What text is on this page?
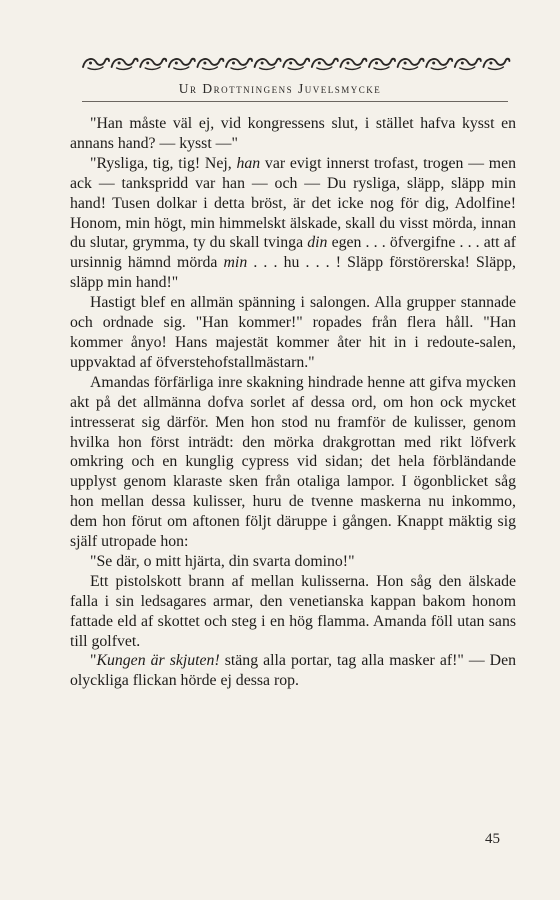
Ur Drottningens Juvelsmycke

"Han måste väl ej, vid kongressens slut, i stället hafva kysst en annans hand? — kysst —"

"Rysliga, tig, tig! Nej, han var evigt innerst trofast, trogen — men ack — tankspridd var han — och — Du rysliga, släpp, släpp min hand! Tusen dolkar i detta bröst, är det icke nog för dig, Adolfine! Honom, min högt, min himmelskt älskade, skall du visst mörda, innan du slutar, grymma, ty du skall tvinga din egen . . . öfvergifne . . . att af ursinnig hämnd mörda min . . . hu . . . ! Släpp förstörerska! Släpp, släpp min hand!"

Hastigt blef en allmän spänning i salongen. Alla grupper stannade och ordnade sig. "Han kommer!" ropades från flera håll. "Han kommer ånyo! Hans majestät kommer åter hit in i redoute-salen, uppvaktad af öfverstehofstallmästarn."

Amandas förfärliga inre skakning hindrade henne att gifva mycken akt på det allmänna dofva sorlet af dessa ord, om hon ock mycket intresserat sig därför. Men hon stod nu framför de kulisser, genom hvilka hon först inträdt: den mörka drakgrottan med rikt löfverk omkring och en kunglig cypress vid sidan; det hela förbländande upplyst genom klaraste sken från otaliga lampor. I ögonblicket såg hon mellan dessa kulisser, huru de tvenne maskerna nu inkommo, dem hon förut om aftonen följt däruppe i gången. Knappt mäktig sig själf utropade hon:

"Se där, o mitt hjärta, din svarta domino!"

Ett pistolskott brann af mellan kulisserna. Hon såg den älskade falla i sin ledsagares armar, den venetianska kappan bakom honom fattade eld af skottet och steg i en hög flamma. Amanda föll utan sans till golfvet.

"Kungen är skjuten! stäng alla portar, tag alla masker af!" — Den olyckliga flickan hörde ej dessa rop.

45
